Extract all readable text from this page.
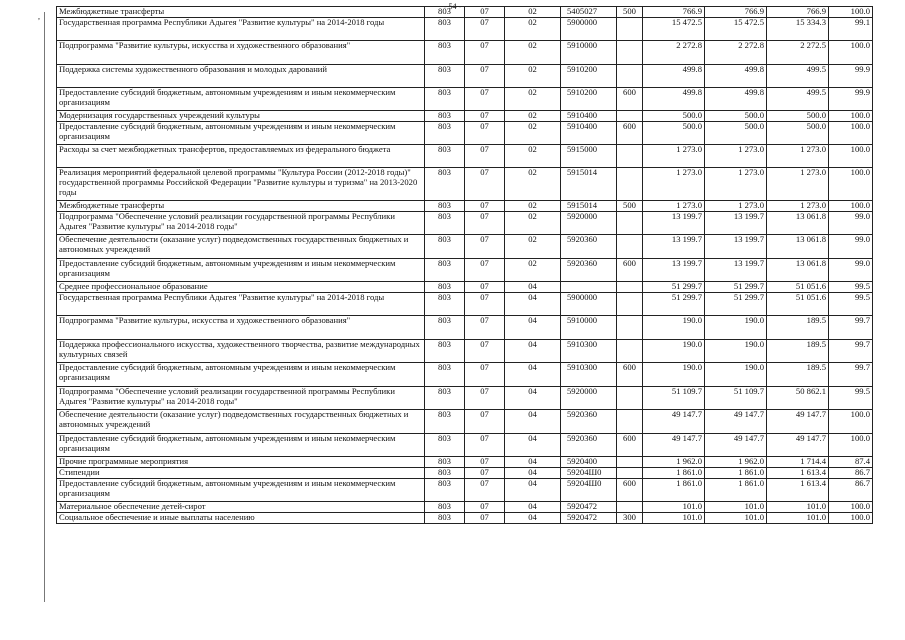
- 54 -
,
Межбюджетные трансферты	803	07	02	5405027	500	766.9	766.9	766.9	100.0
Государственная программа Республики Адыгея "Развитие культуры" на 2014-2018 годы	803	07	02	5900000		15 472.5	15 472.5	15 334.3	99.1
Подпрограмма "Развитие культуры, искусства и художественного образования"	803	07	02	5910000		2 272.8	2 272.8	2 272.5	100.0
Поддержка системы художественного образования и молодых дарований	803	07	02	5910200		499.8	499.8	499.5	99.9
Предоставление субсидий бюджетным, автономным учреждениям и иным некоммерческим организациям	803	07	02	5910200	600	499.8	499.8	499.5	99.9
Модернизация государственных учреждений культуры	803	07	02	5910400		500.0	500.0	500.0	100.0
Предоставление субсидий бюджетным, автономным учреждениям и иным некоммерческим организациям	803	07	02	5910400	600	500.0	500.0	500.0	100.0
Расходы за счет межбюджетных трансфертов, предоставляемых из федерального бюджета	803	07	02	5915000		1 273.0	1 273.0	1 273.0	100.0
Реализация мероприятий федеральной целевой программы "Культура России (2012-2018 годы)" государственной программы Российской Федерации "Развитие культуры и туризма" на 2013-2020 годы	803	07	02	5915014		1 273.0	1 273.0	1 273.0	100.0
Межбюджетные трансферты	803	07	02	5915014	500	1 273.0	1 273.0	1 273.0	100.0
Подпрограмма "Обеспечение условий реализации государственной программы Республики Адыгея "Развитие культуры" на 2014-2018 годы"	803	07	02	5920000		13 199.7	13 199.7	13 061.8	99.0
Обеспечение деятельности (оказание услуг) подведомственных государственных бюджетных и автономных учреждений	803	07	02	5920360		13 199.7	13 199.7	13 061.8	99.0
Предоставление субсидий бюджетным, автономным учреждениям и иным некоммерческим организациям	803	07	02	5920360	600	13 199.7	13 199.7	13 061.8	99.0
Среднее профессиональное образование	803	07	04			51 299.7	51 299.7	51 051.6	99.5
Государственная программа Республики Адыгея "Развитие культуры" на 2014-2018 годы	803	07	04	5900000		51 299.7	51 299.7	51 051.6	99.5
Подпрограмма "Развитие культуры, искусства и художественного образования"	803	07	04	5910000		190.0	190.0	189.5	99.7
Поддержка профессионального искусства, художественного творчества, развитие международных культурных связей	803	07	04	5910300		190.0	190.0	189.5	99.7
Предоставление субсидий бюджетным, автономным учреждениям и иным некоммерческим организациям	803	07	04	5910300	600	190.0	190.0	189.5	99.7
Подпрограмма "Обеспечение условий реализации государственной программы Республики Адыгея "Развитие культуры" на 2014-2018 годы"	803	07	04	5920000		51 109.7	51 109.7	50 862.1	99.5
Обеспечение деятельности (оказание услуг) подведомственных государственных бюджетных и автономных учреждений	803	07	04	5920360		49 147.7	49 147.7	49 147.7	100.0
Предоставление субсидий бюджетным, автономным учреждениям и иным некоммерческим организациям	803	07	04	5920360	600	49 147.7	49 147.7	49 147.7	100.0
Прочие программные мероприятия	803	07	04	5920400		1 962.0	1 962.0	1 714.4	87.4
Стипендии	803	07	04	59204Ш0		1 861.0	1 861.0	1 613.4	86.7
Предоставление субсидий бюджетным, автономным учреждениям и иным некоммерческим организациям	803	07	04	59204Ш0	600	1 861.0	1 861.0	1 613.4	86.7
Материальное обеспечение детей-сирот	803	07	04	5920472		101.0	101.0	101.0	100.0
Социальное обеспечение и иные выплаты населению	803	07	04	5920472	300	101.0	101.0	101.0	100.0
